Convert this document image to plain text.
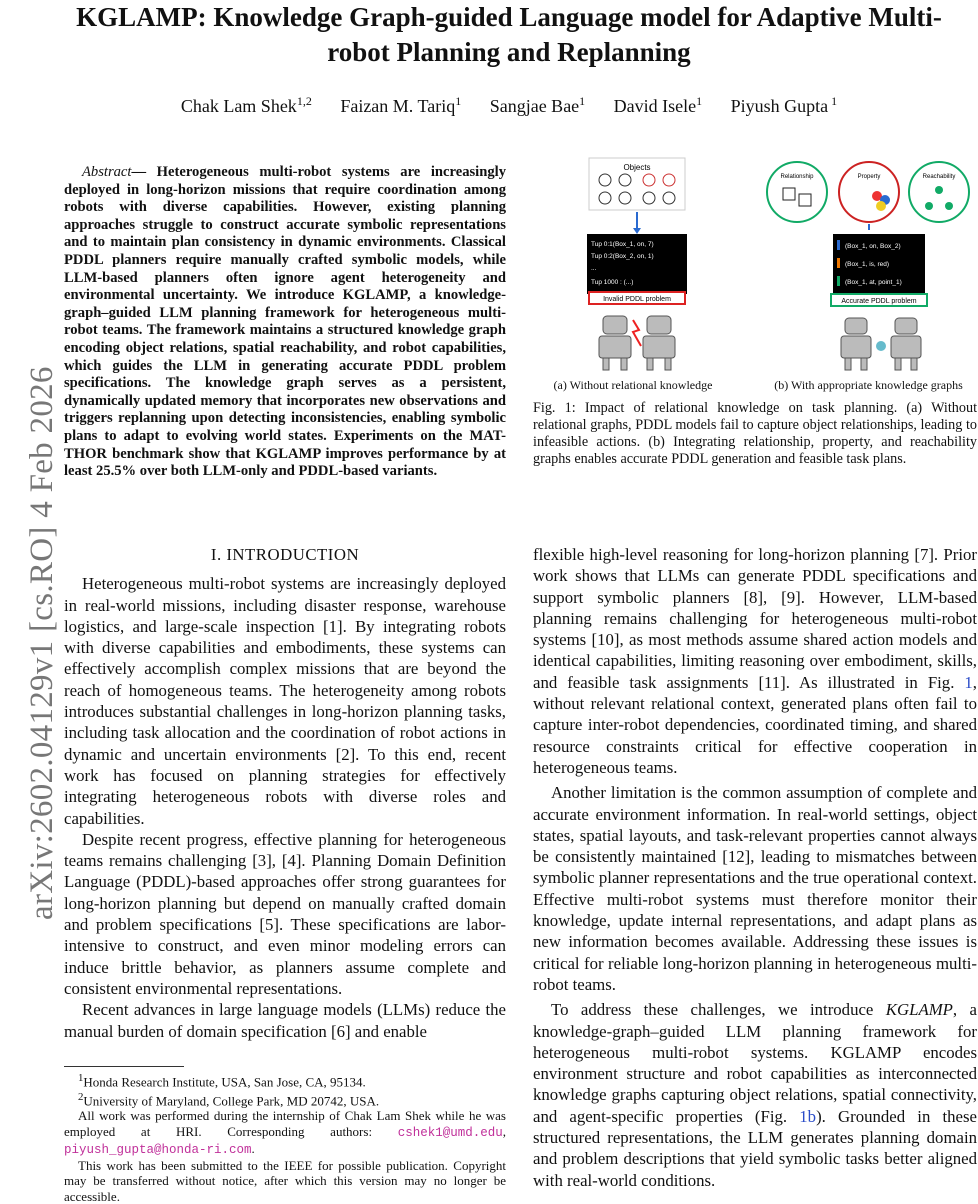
arXiv:2602.04129v1 [cs.RO] 4 Feb 2026
KGLAMP: Knowledge Graph-guided Language model for Adaptive Multi-robot Planning and Replanning
Chak Lam Shek$^{1,2}$ Faizan M. Tariq$^1$ Sangjae Bae$^1$ David Isele$^1$ Piyush Gupta $^1$
Abstract— Heterogeneous multi-robot systems are increasingly deployed in long-horizon missions that require coordination among robots with diverse capabilities. However, existing planning approaches struggle to construct accurate symbolic representations and to maintain plan consistency in dynamic environments. Classical PDDL planners require manually crafted symbolic models, while LLM-based planners often ignore agent heterogeneity and environmental uncertainty. We introduce KGLAMP, a knowledge-graph–guided LLM planning framework for heterogeneous multi-robot teams. The framework maintains a structured knowledge graph encoding object relations, spatial reachability, and robot capabilities, which guides the LLM in generating accurate PDDL problem specifications. The knowledge graph serves as a persistent, dynamically updated memory that incorporates new observations and triggers replanning upon detecting inconsistencies, enabling symbolic plans to adapt to evolving world states. Experiments on the MAT-THOR benchmark show that KGLAMP improves performance by at least 25.5% over both LLM-only and PDDL-based variants.
Objects
Tup 0:1(Box_1, on, 7)
Tup 0:2(Box_2, on, 1)
...
Tup 1000 : (...)
Invalid PDDL problem
Relationship	Property	Reachability
(Box_1, on, Box_2)
(Box_1, is, red)
(Box_1, at, point_1)
Accurate PDDL problem
(a) Without relational knowledge	(b) With appropriate knowledge graphs
Fig. 1: Impact of relational knowledge on task planning. (a) Without relational graphs, PDDL models fail to capture object relationships, leading to infeasible actions. (b) Integrating relationship, property, and reachability graphs enables accurate PDDL generation and feasible task plans.
I. INTRODUCTION

Heterogeneous multi-robot systems are increasingly deployed in real-world missions, including disaster response, warehouse logistics, and large-scale inspection [1]. By integrating robots with diverse capabilities and embodiments, these systems can effectively accomplish complex missions that are beyond the reach of homogeneous teams. The heterogeneity among robots introduces substantial challenges in long-horizon planning tasks, including task allocation and the coordination of robot actions in dynamic and uncertain environments [2]. To this end, recent work has focused on planning strategies for effectively integrating heterogeneous robots with diverse roles and capabilities.

Despite recent progress, effective planning for heterogeneous teams remains challenging [3], [4]. Planning Domain Definition Language (PDDL)-based approaches offer strong guarantees for long-horizon planning but depend on manually crafted domain and problem specifications [5]. These specifications are labor-intensive to construct, and even minor modeling errors can induce brittle behavior, as planners assume complete and consistent environmental representations.

Recent advances in large language models (LLMs) reduce the manual burden of domain specification [6] and enable

flexible high-level reasoning for long-horizon planning [7]. Prior work shows that LLMs can generate PDDL specifications and support symbolic planners [8], [9]. However, LLM-based planning remains challenging for heterogeneous multi-robot systems [10], as most methods assume shared action models and identical capabilities, limiting reasoning over embodiment, skills, and feasible task assignments [11]. As illustrated in Fig. 1, without relevant relational context, generated plans often fail to capture inter-robot dependencies, coordinated timing, and shared resource constraints critical for effective cooperation in heterogeneous teams.

Another limitation is the common assumption of complete and accurate environment information. In real-world settings, object states, spatial layouts, and task-relevant properties cannot always be consistently maintained [12], leading to mismatches between symbolic planner representations and the true operational context. Effective multi-robot systems must therefore monitor their knowledge, update internal representations, and adapt plans as new information becomes available. Addressing these issues is critical for reliable long-horizon planning in heterogeneous multi-robot teams.

To address these challenges, we introduce KGLAMP, a knowledge-graph–guided LLM planning framework for heterogeneous multi-robot systems. KGLAMP encodes environment structure and robot capabilities as interconnected knowledge graphs capturing object relations, spatial connectivity, and agent-specific properties (Fig. 1b). Grounded in these structured representations, the LLM generates planning domain and problem descriptions that yield symbolic tasks better aligned with real-world conditions.

$^1$Honda Research Institute, USA, San Jose, CA, 95134.

$^2$University of Maryland, College Park, MD 20742, USA.

All work was performed during the internship of Chak Lam Shek while he was employed at HRI. Corresponding authors: cshek1@umd.edu, piyush_gupta@honda-ri.com.

This work has been submitted to the IEEE for possible publication. Copyright may be transferred without notice, after which this version may no longer be accessible.
